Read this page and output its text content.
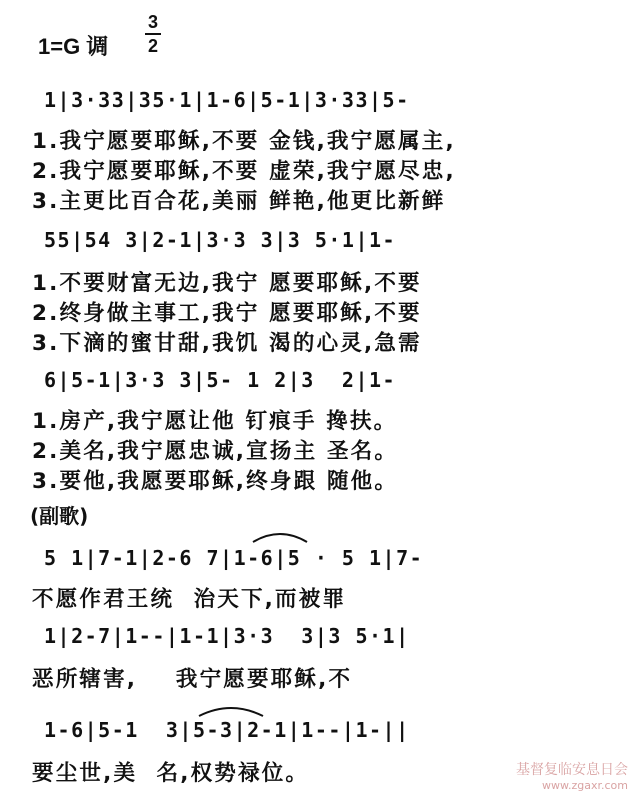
1=G 调
3
2
1|3·33|35·1|1-6|5-1|3·33|5-
1.我宁愿要耶稣,不要 金钱,我宁愿属主,
2.我宁愿要耶稣,不要 虚荣,我宁愿尽忠,
3.主更比百合花,美丽 鲜艳,他更比新鲜
55|54 3|2-1|3·3 3|3 5·1|1-
1.不要财富无边,我宁 愿要耶稣,不要
2.终身做主事工,我宁 愿要耶稣,不要
3.下滴的蜜甘甜,我饥 渴的心灵,急需
6|5-1|3·3 3|5- 1 2|3  2|1-
1.房产,我宁愿让他 钉痕手 搀扶。
2.美名,我宁愿忠诚,宣扬主 圣名。
3.要他,我愿要耶稣,终身跟 随他。
(副歌)
5 1|7-1|2-6 7|1-6|5 · 5 1|7-
不愿作君王统  治天下,而被罪
1|2-7|1--|1-1|3·3  3|3 5·1|
恶所辖害,    我宁愿要耶稣,不
1-6|5-1  3|5-3|2-1|1--|1-||
要尘世,美  名,权势禄位。	基督复临安息日会
www.zgaxr.com
